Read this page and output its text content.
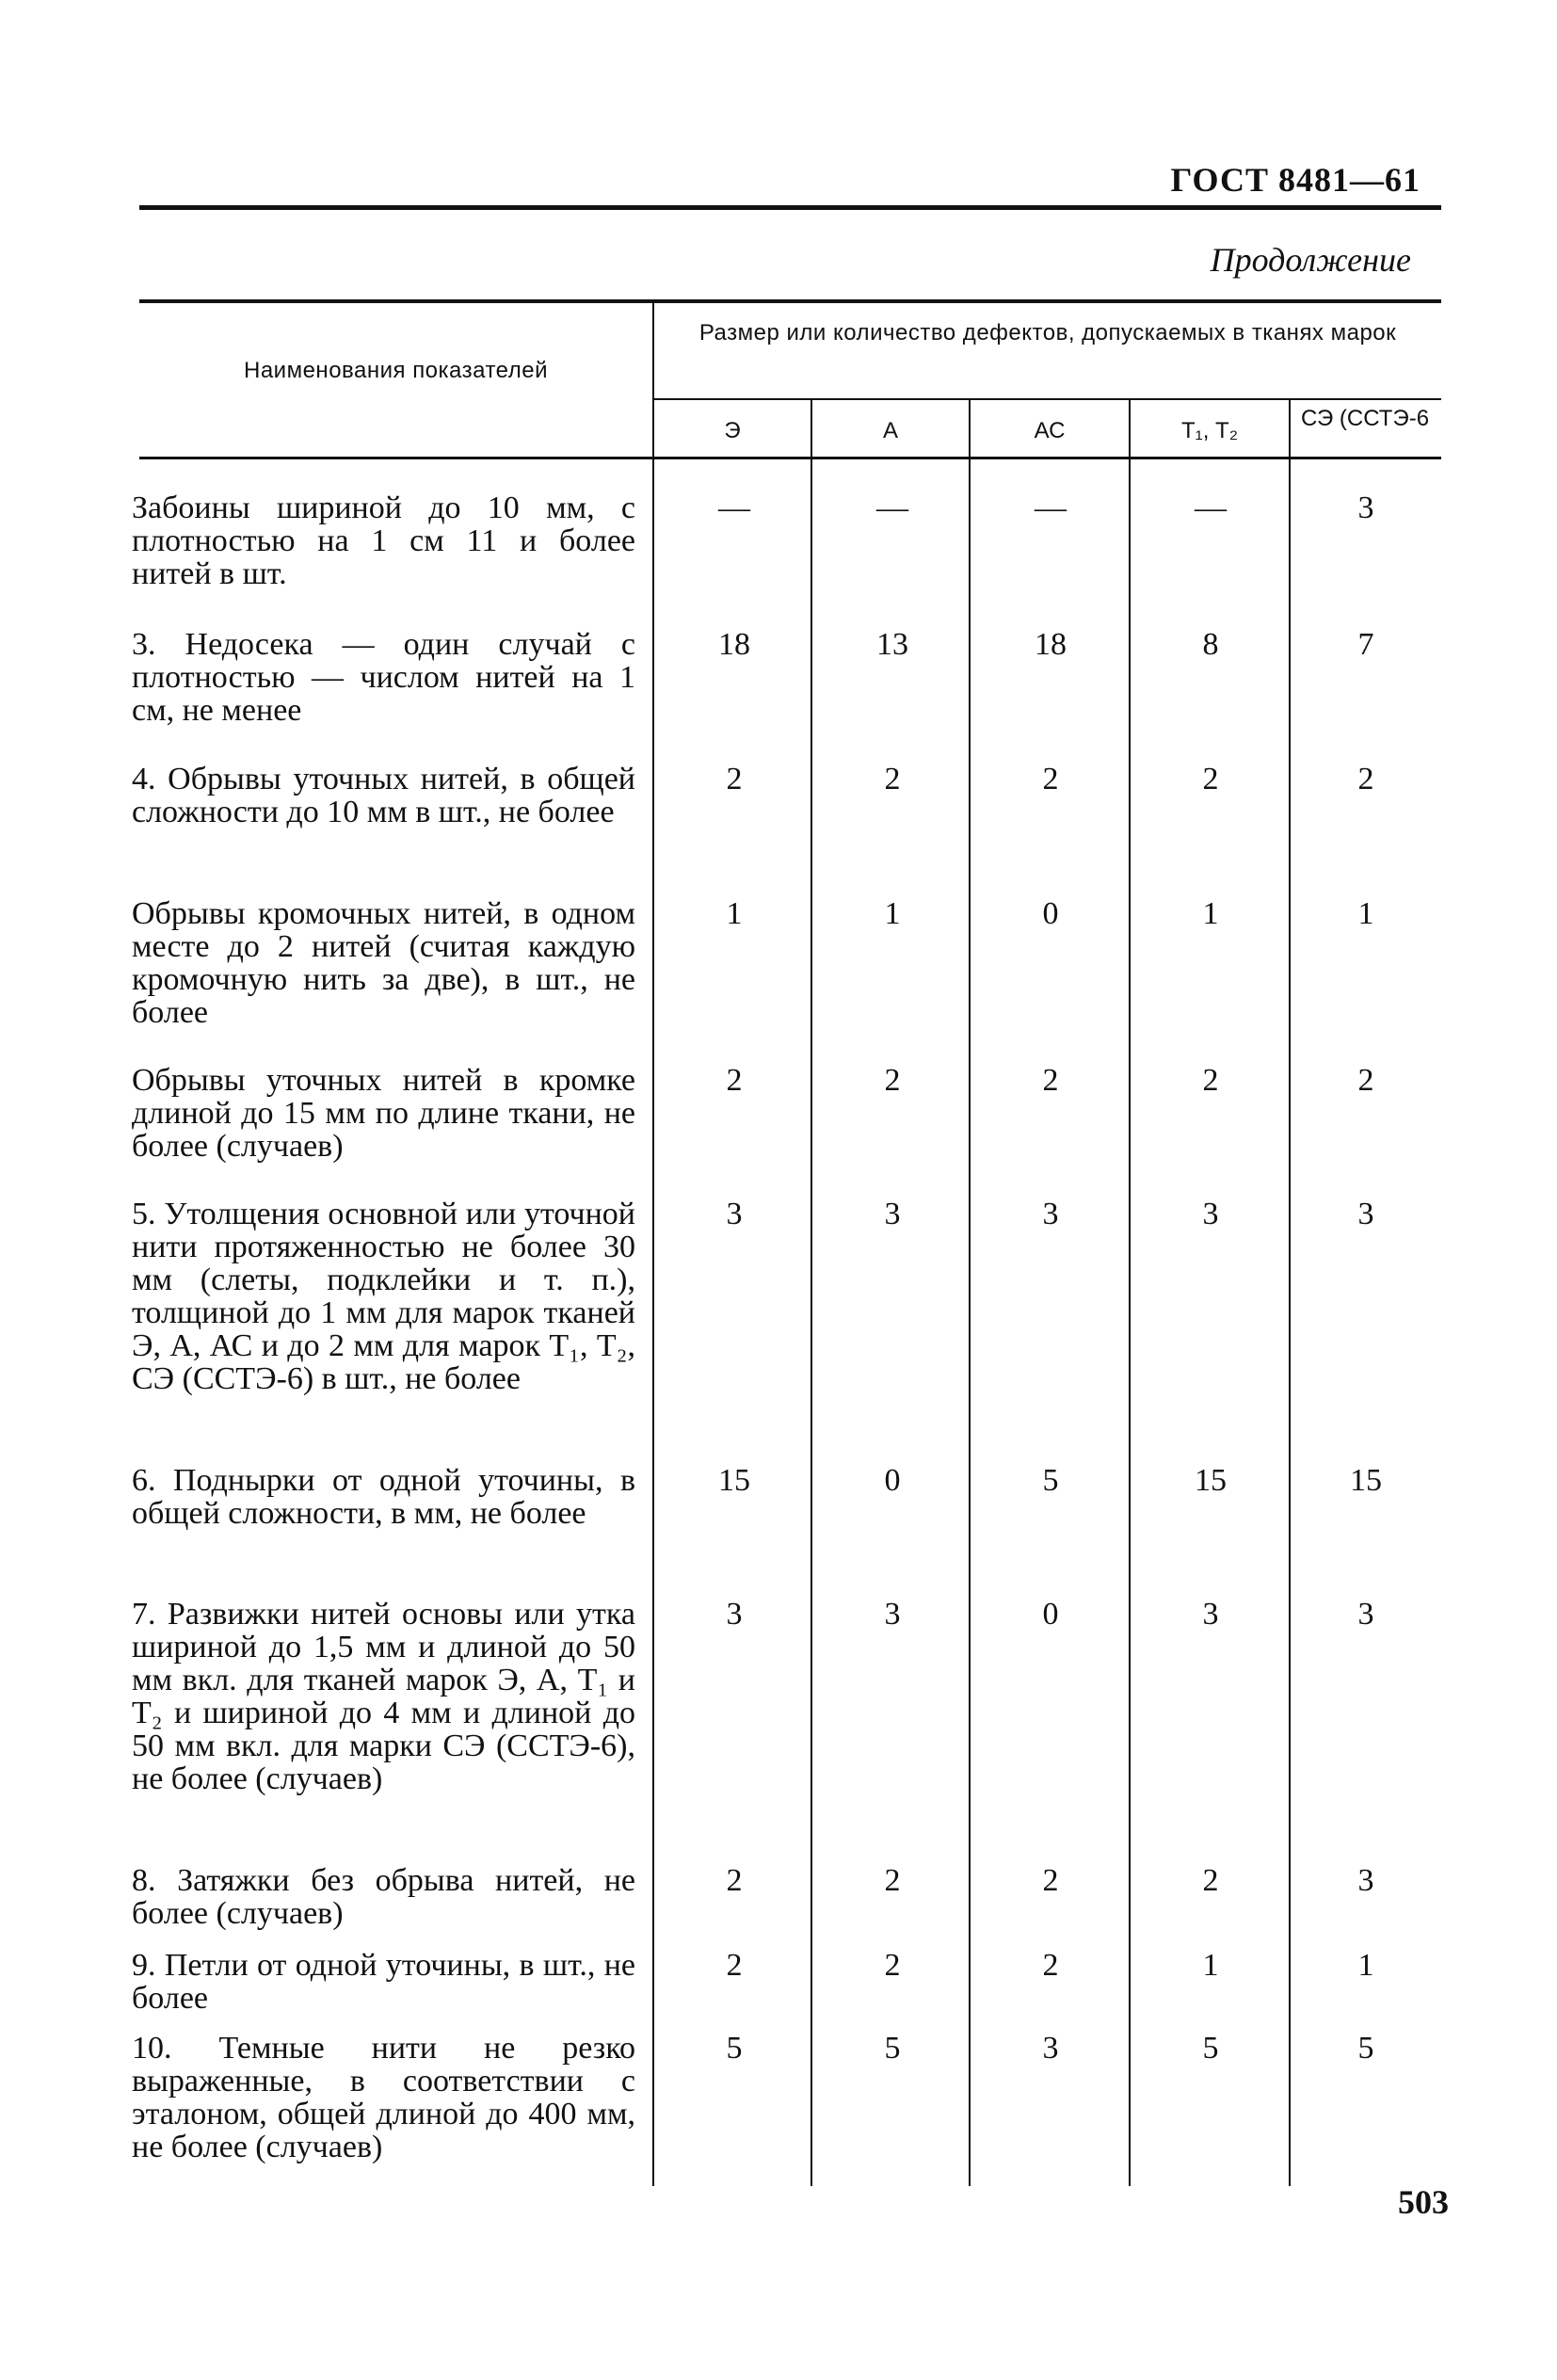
ГОСТ 8481—61
Продолжение
Наименования показателей
Размер или количество дефектов, допускаемых в тканях марок
Э	А	АС	Т₁, Т₂	СЭ (ССТЭ-6
Забоины шириной до 10 мм, с плотностью на 1 см 11 и более нитей в шт.
—	—	—	—	3
3. Недосека — один случай с плотностью — числом нитей на 1 см, не менее
18	13	18	8	7
4. Обрывы уточных нитей, в общей сложности до 10 мм в шт., не более
2	2	2	2	2
Обрывы кромочных нитей, в одном месте до 2 нитей (считая каждую кромочную нить за две), в шт., не более
1	1	0	1	1
Обрывы уточных нитей в кромке длиной до 15 мм по длине ткани, не более (случаев)
2	2	2	2	2
5. Утолщения основной или уточной нити протяженностью не более 30 мм (слеты, подклейки и т. п.), толщиной до 1 мм для марок тканей Э, А, АС и до 2 мм для марок Т₁, Т₂, СЭ (ССТЭ-6) в шт., не более
3	3	3	3	3
6. Поднырки от одной уточины, в общей сложности, в мм, не более
15	0	5	15	15
7. Развижки нитей основы или утка шириной до 1,5 мм и длиной до 50 мм вкл. для тканей марок Э, А, Т₁ и Т₂ и шириной до 4 мм и длиной до 50 мм вкл. для марки СЭ (ССТЭ-6), не более (случаев)
3	3	0	3	3
8. Затяжки без обрыва нитей, не более (случаев)
2	2	2	2	3
9. Петли от одной уточины, в шт., не более
2	2	2	1	1
10. Темные нити не резко выраженные, в соответствии с эталоном, общей длиной до 400 мм, не более (случаев)
5	5	3	5	5
503
